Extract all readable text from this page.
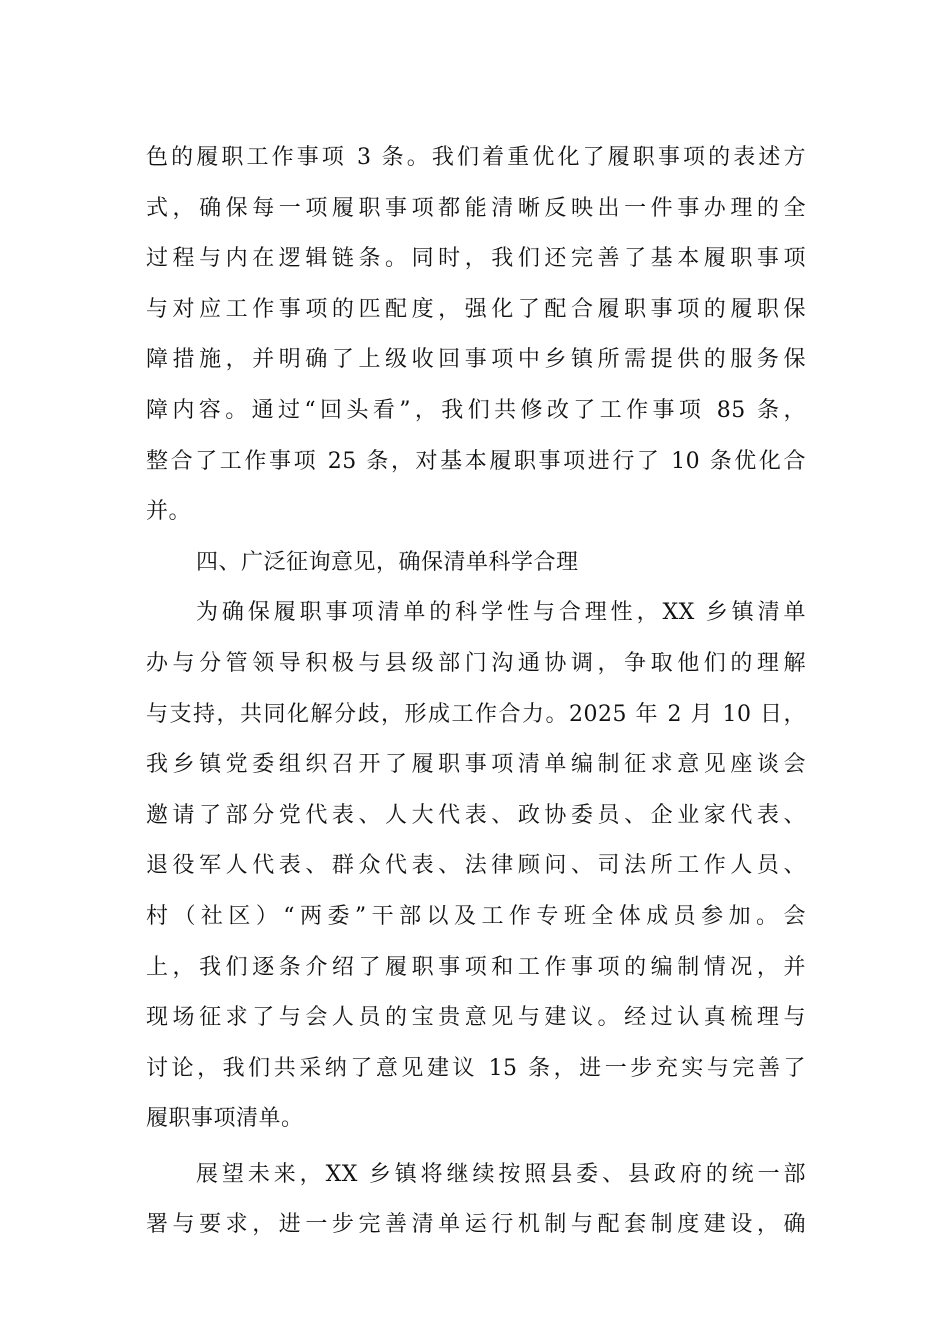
色的履职工作事项 3 条。我们着重优化了履职事项的表述方
式，确保每一项履职事项都能清晰反映出一件事办理的全
过程与内在逻辑链条。同时，我们还完善了基本履职事项
与对应工作事项的匹配度，强化了配合履职事项的履职保
障措施，并明确了上级收回事项中乡镇所需提供的服务保
障内容。通过“回头看”，我们共修改了工作事项 85 条，
整合了工作事项 25 条，对基本履职事项进行了 10 条优化合
并。
四、广泛征询意见，确保清单科学合理
为确保履职事项清单的科学性与合理性，XX 乡镇清单
办与分管领导积极与县级部门沟通协调，争取他们的理解
与支持，共同化解分歧，形成工作合力。2025 年 2 月 10 日，
我乡镇党委组织召开了履职事项清单编制征求意见座谈会
邀请了部分党代表、人大代表、政协委员、企业家代表、
退役军人代表、群众代表、法律顾问、司法所工作人员、
村（社区）“两委”干部以及工作专班全体成员参加。会
上，我们逐条介绍了履职事项和工作事项的编制情况，并
现场征求了与会人员的宝贵意见与建议。经过认真梳理与
讨论，我们共采纳了意见建议 15 条，进一步充实与完善了
履职事项清单。
展望未来，XX 乡镇将继续按照县委、县政府的统一部
署与要求，进一步完善清单运行机制与配套制度建设，确
